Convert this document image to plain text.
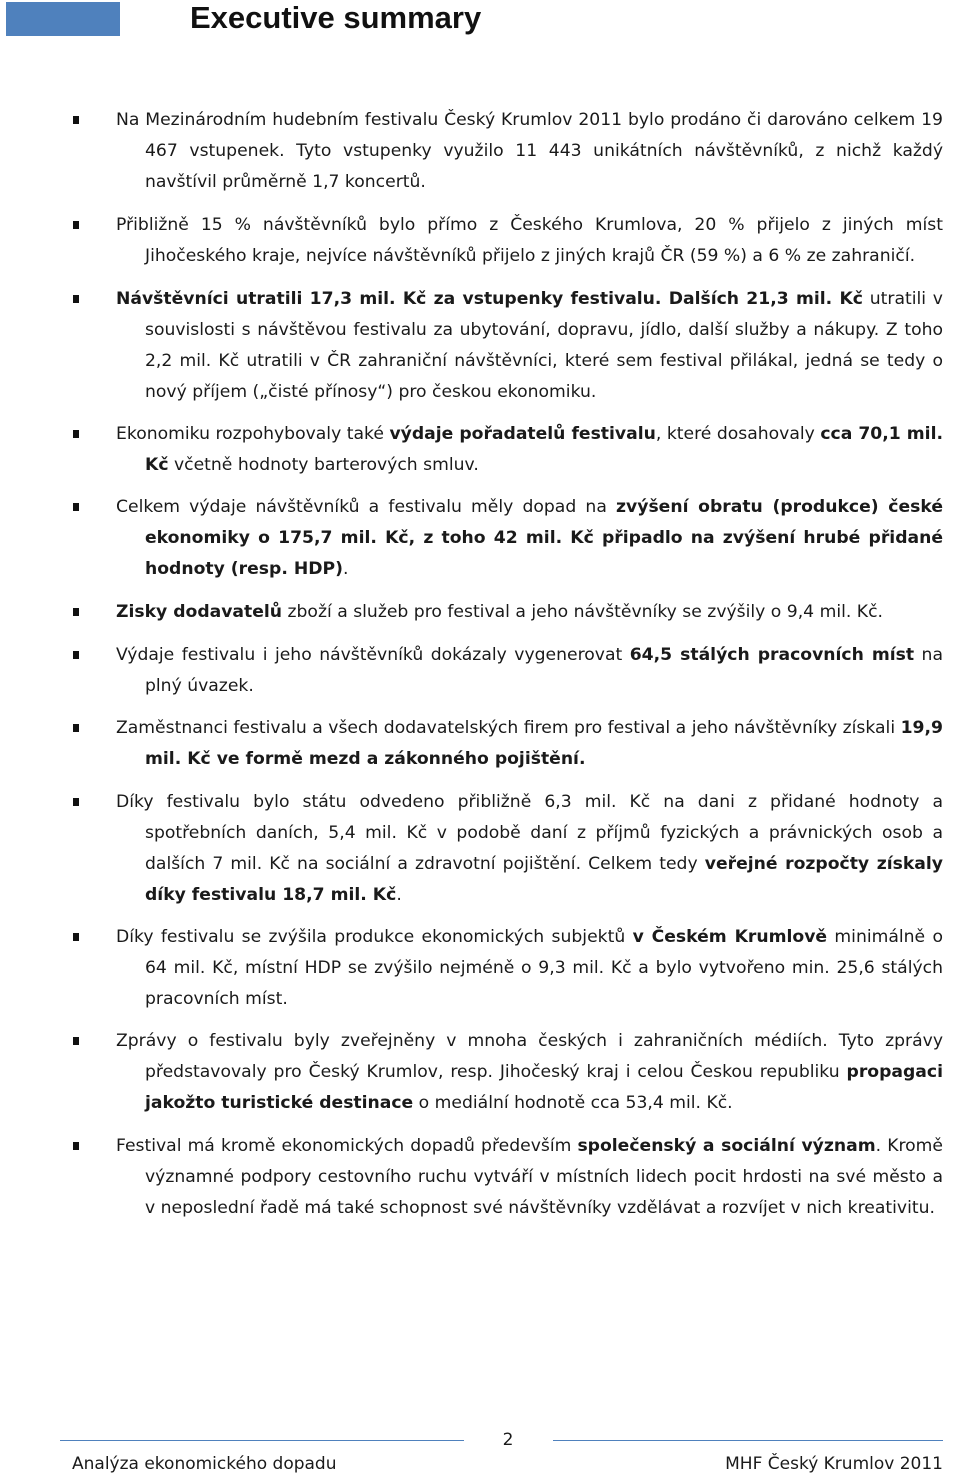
Executive summary
Na Mezinárodním hudebním festivalu Český Krumlov 2011 bylo prodáno či darováno celkem 19 467 vstupenek. Tyto vstupenky využilo 11 443 unikátních návštěvníků, z nichž každý navštívil průměrně 1,7 koncertů.
Přibližně 15 % návštěvníků bylo přímo z Českého Krumlova, 20 % přijelo z jiných míst Jihočeského kraje, nejvíce návštěvníků přijelo z jiných krajů ČR (59 %) a 6 % ze zahraničí.
Návštěvníci utratili 17,3 mil. Kč za vstupenky festivalu. Dalších 21,3 mil. Kč utratili v souvislosti s návštěvou festivalu za ubytování, dopravu, jídlo, další služby a nákupy. Z toho 2,2 mil. Kč utratili v ČR zahraniční návštěvníci, které sem festival přilákal, jedná se tedy o nový příjem („čisté přínosy“) pro českou ekonomiku.
Ekonomiku rozpohybovaly také výdaje pořadatelů festivalu, které dosahovaly cca 70,1 mil. Kč včetně hodnoty barterových smluv.
Celkem výdaje návštěvníků a festivalu měly dopad na zvýšení obratu (produkce) české ekonomiky o 175,7 mil. Kč, z toho 42 mil. Kč připadlo na zvýšení hrubé přidané hodnoty (resp. HDP).
Zisky dodavatelů zboží a služeb pro festival a jeho návštěvníky se zvýšily o 9,4 mil. Kč.
Výdaje festivalu i jeho návštěvníků dokázaly vygenerovat 64,5 stálých pracovních míst na plný úvazek.
Zaměstnanci festivalu a všech dodavatelských firem pro festival a jeho návštěvníky získali 19,9 mil. Kč ve formě mezd a zákonného pojištění.
Díky festivalu bylo státu odvedeno přibližně 6,3 mil. Kč na dani z přidané hodnoty a spotřebních daních, 5,4 mil. Kč v podobě daní z příjmů fyzických a právnických osob a dalších 7 mil. Kč na sociální a zdravotní pojištění. Celkem tedy veřejné rozpočty získaly díky festivalu 18,7 mil. Kč.
Díky festivalu se zvýšila produkce ekonomických subjektů v Českém Krumlově minimálně o 64 mil. Kč, místní HDP se zvýšilo nejméně o 9,3 mil. Kč a bylo vytvořeno min. 25,6 stálých pracovních míst.
Zprávy o festivalu byly zveřejněny v mnoha českých i zahraničních médiích. Tyto zprávy představovaly pro Český Krumlov, resp. Jihočeský kraj i celou Českou republiku propagaci jakožto turistické destinace o mediální hodnotě cca 53,4 mil. Kč.
Festival má kromě ekonomických dopadů především společenský a sociální význam. Kromě významné podpory cestovního ruchu vytváří v místních lidech pocit hrdosti na své město a v neposlední řadě má také schopnost své návštěvníky vzdělávat a rozvíjet v nich kreativitu.
2
Analýza ekonomického dopadu	MHF Český Krumlov 2011
